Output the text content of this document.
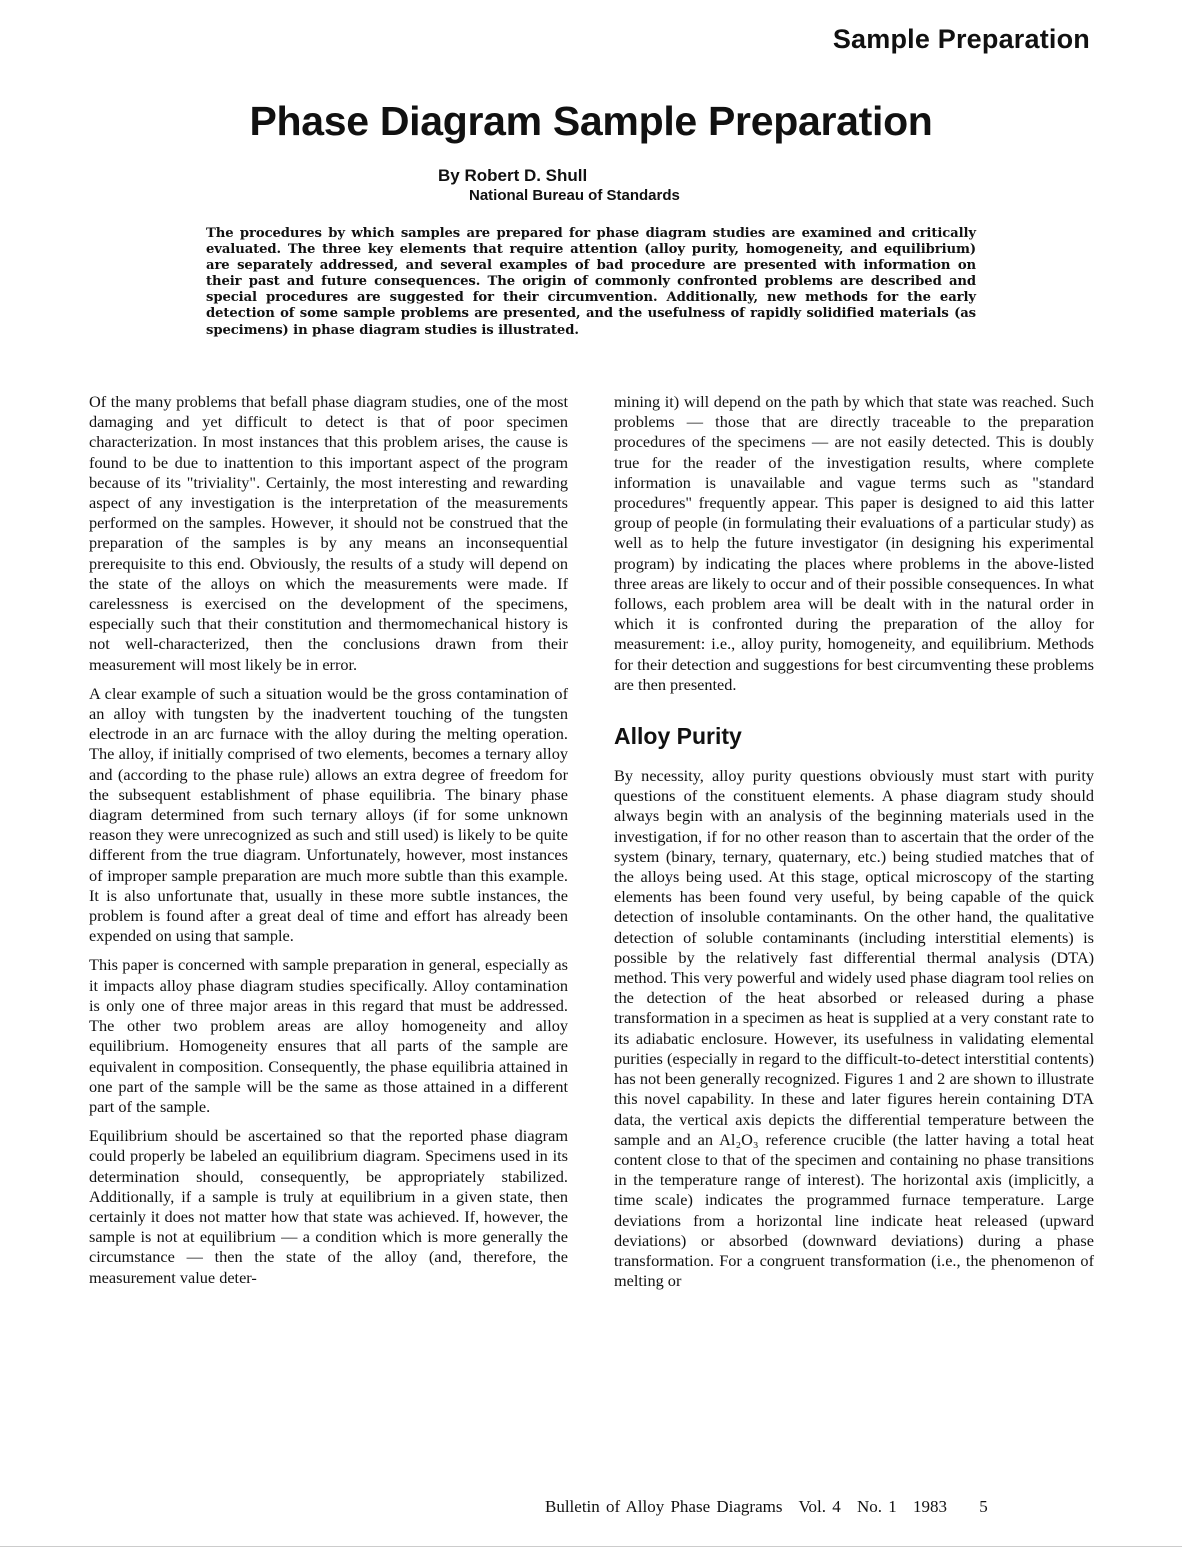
Sample Preparation
Phase Diagram Sample Preparation
By Robert D. Shull
National Bureau of Standards
The procedures by which samples are prepared for phase diagram studies are examined and critically evaluated. The three key elements that require attention (alloy purity, homogeneity, and equilibrium) are separately addressed, and several examples of bad procedure are presented with information on their past and future consequences. The origin of commonly confronted problems are described and special procedures are suggested for their circumvention. Additionally, new methods for the early detection of some sample problems are presented, and the usefulness of rapidly solidified materials (as specimens) in phase diagram studies is illustrated.

Of the many problems that befall phase diagram studies, one of the most damaging and yet difficult to detect is that of poor specimen characterization. In most instances that this problem arises, the cause is found to be due to inattention to this important aspect of the program because of its "triviality". Certainly, the most interesting and rewarding aspect of any investigation is the interpretation of the measurements performed on the samples. However, it should not be construed that the preparation of the samples is by any means an inconsequential prerequisite to this end. Obviously, the results of a study will depend on the state of the alloys on which the measurements were made. If carelessness is exercised on the development of the specimens, especially such that their constitution and thermomechanical history is not well-characterized, then the conclusions drawn from their measurement will most likely be in error.

A clear example of such a situation would be the gross contamination of an alloy with tungsten by the inadvertent touching of the tungsten electrode in an arc furnace with the alloy during the melting operation. The alloy, if initially comprised of two elements, becomes a ternary alloy and (according to the phase rule) allows an extra degree of freedom for the subsequent establishment of phase equilibria. The binary phase diagram determined from such ternary alloys (if for some unknown reason they were unrecognized as such and still used) is likely to be quite different from the true diagram. Unfortunately, however, most instances of improper sample preparation are much more subtle than this example. It is also unfortunate that, usually in these more subtle instances, the problem is found after a great deal of time and effort has already been expended on using that sample.

This paper is concerned with sample preparation in general, especially as it impacts alloy phase diagram studies specifically. Alloy contamination is only one of three major areas in this regard that must be addressed. The other two problem areas are alloy homogeneity and alloy equilibrium. Homogeneity ensures that all parts of the sample are equivalent in composition. Consequently, the phase equilibria attained in one part of the sample will be the same as those attained in a different part of the sample.

Equilibrium should be ascertained so that the reported phase diagram could properly be labeled an equilibrium diagram. Specimens used in its determination should, consequently, be appropriately stabilized. Additionally, if a sample is truly at equilibrium in a given state, then certainly it does not matter how that state was achieved. If, however, the sample is not at equilibrium — a condition which is more generally the circumstance — then the state of the alloy (and, therefore, the measurement value deter-

mining it) will depend on the path by which that state was reached. Such problems — those that are directly traceable to the preparation procedures of the specimens — are not easily detected. This is doubly true for the reader of the investigation results, where complete information is unavailable and vague terms such as "standard procedures" frequently appear. This paper is designed to aid this latter group of people (in formulating their evaluations of a particular study) as well as to help the future investigator (in designing his experimental program) by indicating the places where problems in the above-listed three areas are likely to occur and of their possible consequences. In what follows, each problem area will be dealt with in the natural order in which it is confronted during the preparation of the alloy for measurement: i.e., alloy purity, homogeneity, and equilibrium. Methods for their detection and suggestions for best circumventing these problems are then presented.

Alloy Purity

By necessity, alloy purity questions obviously must start with purity questions of the constituent elements. A phase diagram study should always begin with an analysis of the beginning materials used in the investigation, if for no other reason than to ascertain that the order of the system (binary, ternary, quaternary, etc.) being studied matches that of the alloys being used. At this stage, optical microscopy of the starting elements has been found very useful, by being capable of the quick detection of insoluble contaminants. On the other hand, the qualitative detection of soluble contaminants (including interstitial elements) is possible by the relatively fast differential thermal analysis (DTA) method. This very powerful and widely used phase diagram tool relies on the detection of the heat absorbed or released during a phase transformation in a specimen as heat is supplied at a very constant rate to its adiabatic enclosure. However, its usefulness in validating elemental purities (especially in regard to the difficult-to-detect interstitial contents) has not been generally recognized. Figures 1 and 2 are shown to illustrate this novel capability. In these and later figures herein containing DTA data, the vertical axis depicts the differential temperature between the sample and an Al₂O₃ reference crucible (the latter having a total heat content close to that of the specimen and containing no phase transitions in the temperature range of interest). The horizontal axis (implicitly, a time scale) indicates the programmed furnace temperature. Large deviations from a horizontal line indicate heat released (upward deviations) or absorbed (downward deviations) during a phase transformation. For a congruent transformation (i.e., the phenomenon of melting or

Bulletin of Alloy Phase Diagrams Vol. 4 No. 1 1983 5
